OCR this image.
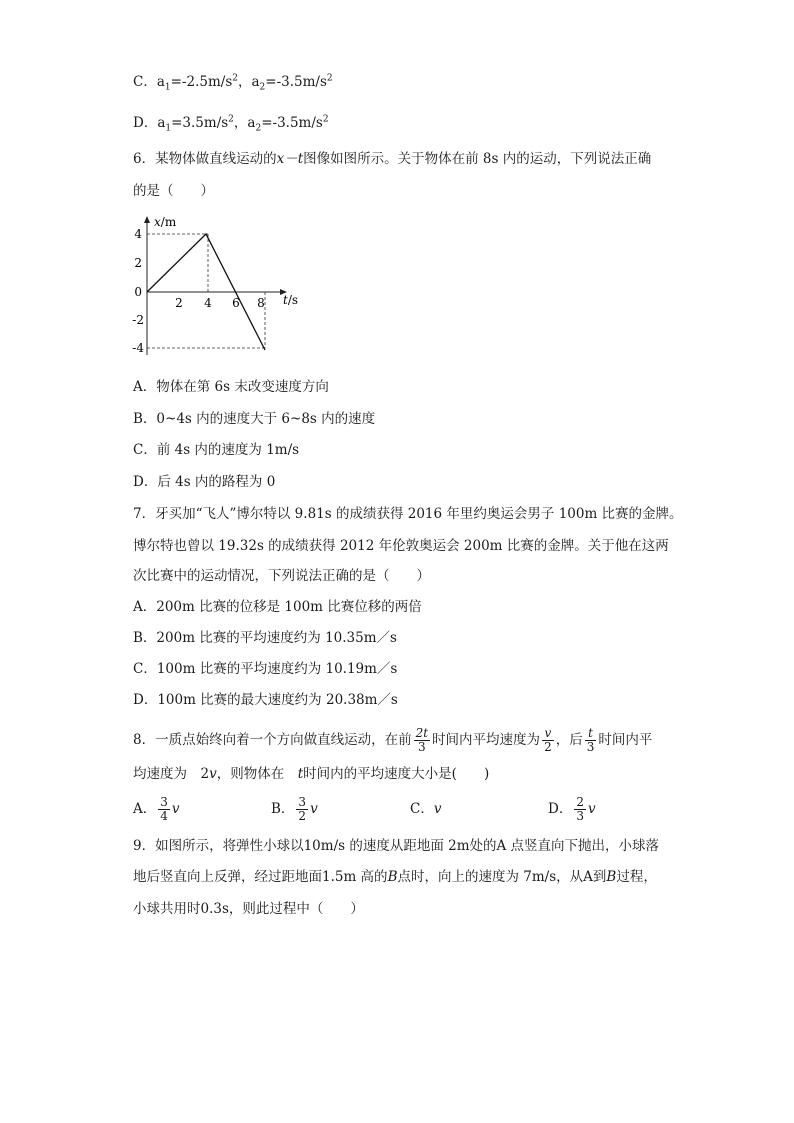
C．$a_1=-2.5m/s^2$，$a_2=-3.5m/s^2$
D．$a_1=3.5m/s^2$，$a_2=-3.5m/s^2$
6．某物体做直线运动的x－t图像如图所示。关于物体在前 8s 内的运动，下列说法正确
的是（　　）
2 4 6 8
4
2
0
-2
-4
x/m
t/s
A．物体在第 6s 末改变速度方向
B．0~4s 内的速度大于 6~8s 内的速度
C．前 4s 内的速度为 1m/s
D．后 4s 内的路程为 0
7．牙买加“飞人”博尔特以 9.81s 的成绩获得 2016 年里约奥运会男子 100m 比赛的金牌。
博尔特也曾以 19.32s 的成绩获得 2012 年伦敦奥运会 200m 比赛的金牌。关于他在这两
次比赛中的运动情况，下列说法正确的是（　　）
A．200m 比赛的位移是 100m 比赛位移的两倍
B．200m 比赛的平均速度约为 10.35m／s
C．100m 比赛的平均速度约为 10.19m／s
D．100m 比赛的最大速度约为 20.38m／s
8．一质点始终向着一个方向做直线运动，在前 $\frac{2t}{3}$ 时间内平均速度为 $\frac{v}{2}$ ，后 $\frac{t}{3}$ 时间内平
均速度为　2v，则物体在　t时间内的平均速度大小是(　　)
A． $\frac{3}{4}$ v	B． $\frac{3}{2}$ v	C．v	D． $\frac{2}{3}$ v
9．如图所示，将弹性小球以10m/s 的速度从距地面 2m处的A 点竖直向下抛出，小球落
地后竖直向上反弹，经过距地面1.5m 高的B点时，向上的速度为 7m/s，从A到B过程，
小球共用时0.3s，则此过程中（　　）
